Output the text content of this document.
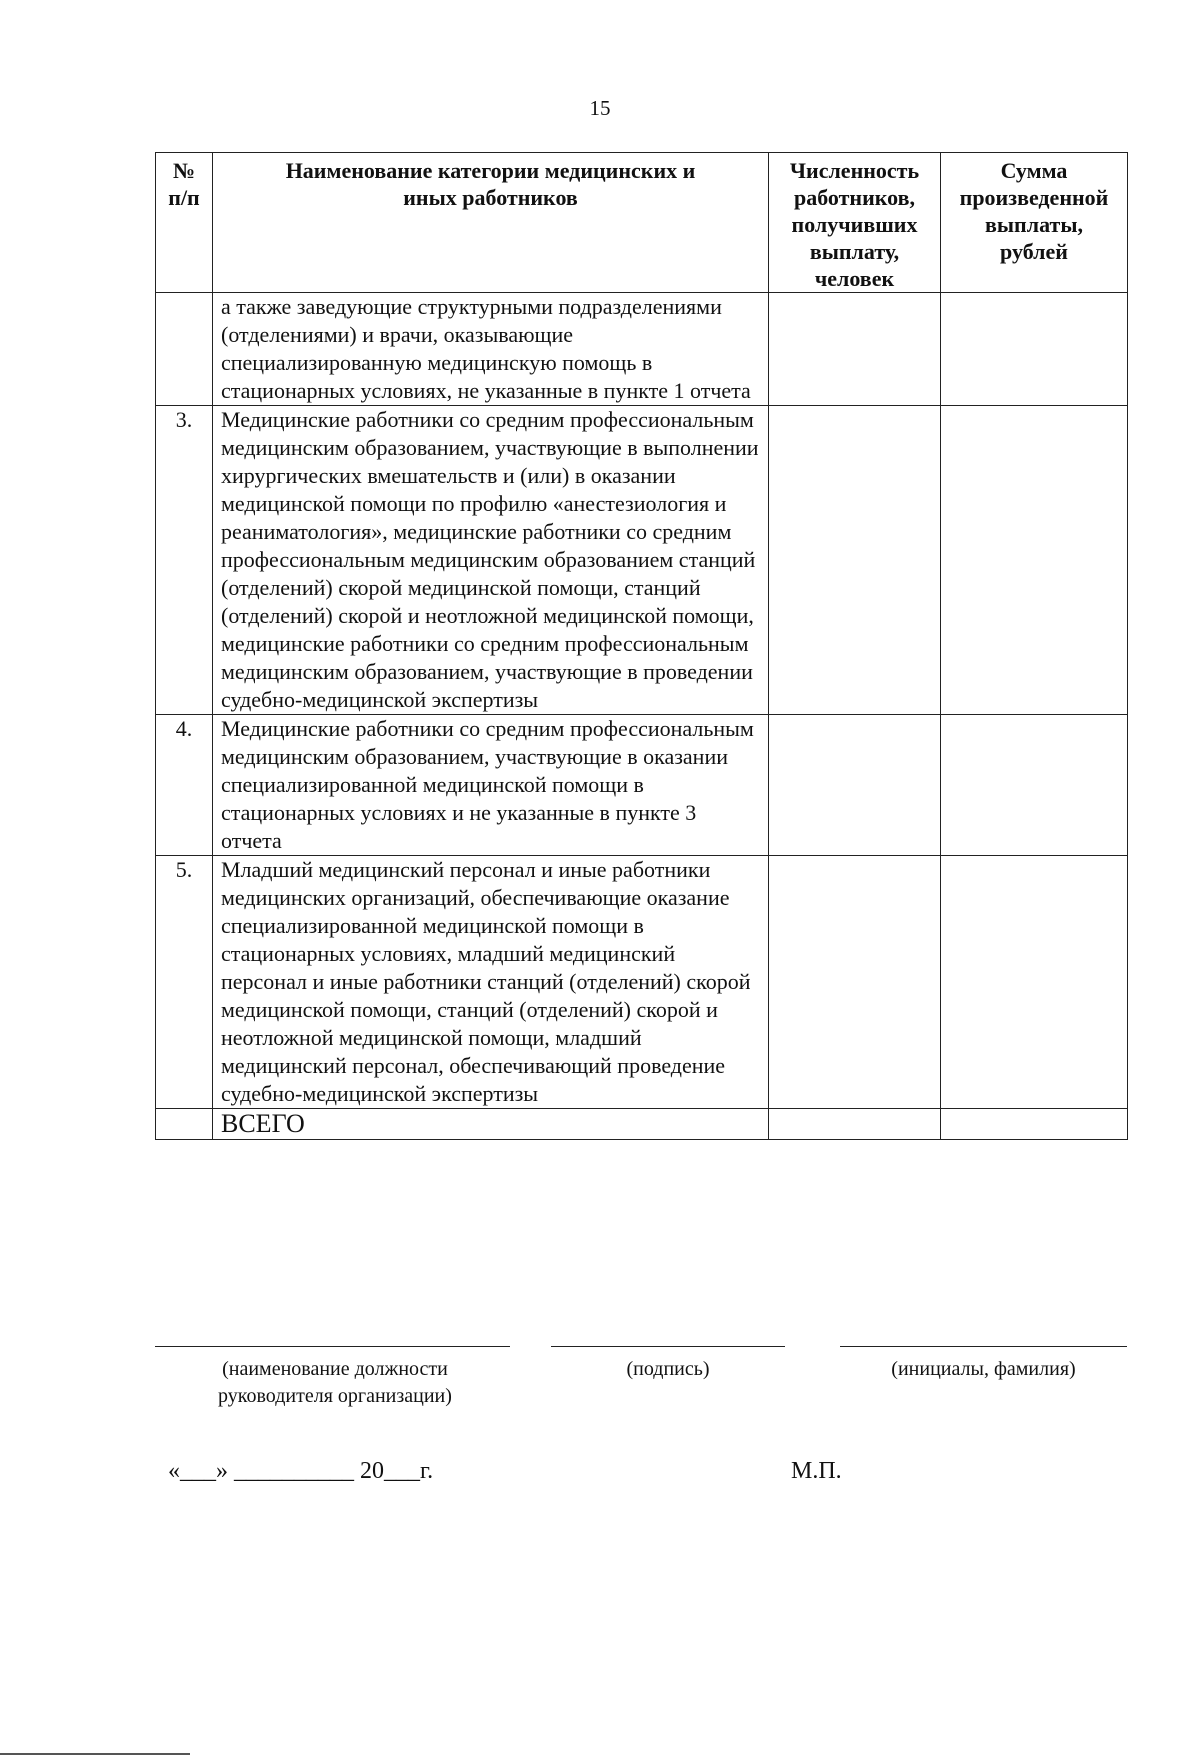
15
№ п/п	Наименование категории медицинских и иных работников	Численность работников, получивших выплату, человек	Сумма произведенной выплаты, рублей
	а также заведующие структурными подразделениями (отделениями) и врачи, оказывающие специализированную медицинскую помощь в стационарных условиях, не указанные в пункте 1 отчета		
3.	Медицинские работники со средним профессиональным медицинским образованием, участвующие в выполнении хирургических вмешательств и (или) в оказании медицинской помощи по профилю «анестезиология и реаниматология», медицинские работники со средним профессиональным медицинским образованием станций (отделений) скорой медицинской помощи, станций (отделений) скорой и неотложной медицинской помощи, медицинские работники со средним профессиональным медицинским образованием, участвующие в проведении судебно-медицинской экспертизы		
4.	Медицинские работники со средним профессиональным медицинским образованием, участвующие в оказании специализированной медицинской помощи в стационарных условиях и не указанные в пункте 3 отчета		
5.	Младший медицинский персонал и иные работники медицинских организаций, обеспечивающие оказание специализированной медицинской помощи в стационарных условиях, младший медицинский персонал и иные работники станций (отделений) скорой медицинской помощи, станций (отделений) скорой и неотложной медицинской помощи, младший медицинский персонал, обеспечивающий проведение судебно-медицинской экспертизы		
	ВСЕГО		
(наименование должности руководителя организации)
(подпись)	(инициалы, фамилия)
«___» __________ 20___г.	М.П.
